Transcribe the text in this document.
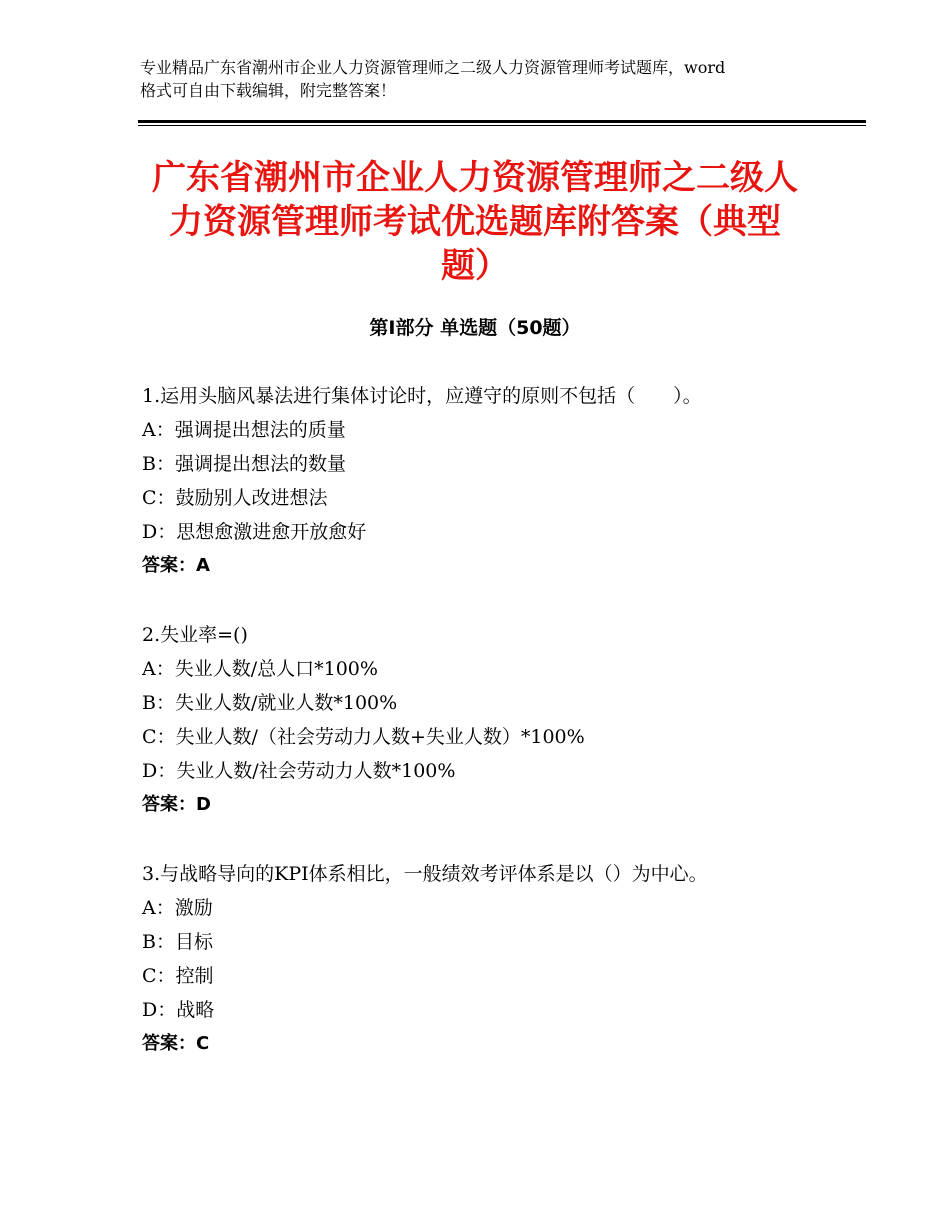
专业精品广东省潮州市企业人力资源管理师之二级人力资源管理师考试题库，word
格式可自由下载编辑，附完整答案！
广东省潮州市企业人力资源管理师之二级人
力资源管理师考试优选题库附答案（典型
题）
第Ⅰ部分 单选题（50题）
1.运用头脑风暴法进行集体讨论时，应遵守的原则不包括（　　）。
A：强调提出想法的质量
B：强调提出想法的数量
C：鼓励别人改进想法
D：思想愈激进愈开放愈好
答案：A
2.失业率=()
A：失业人数/总人口*100%
B：失业人数/就业人数*100%
C：失业人数/（社会劳动力人数+失业人数）*100%
D：失业人数/社会劳动力人数*100%
答案：D
3.与战略导向的KPI体系相比，一般绩效考评体系是以（）为中心。
A：激励
B：目标
C：控制
D：战略
答案：C
